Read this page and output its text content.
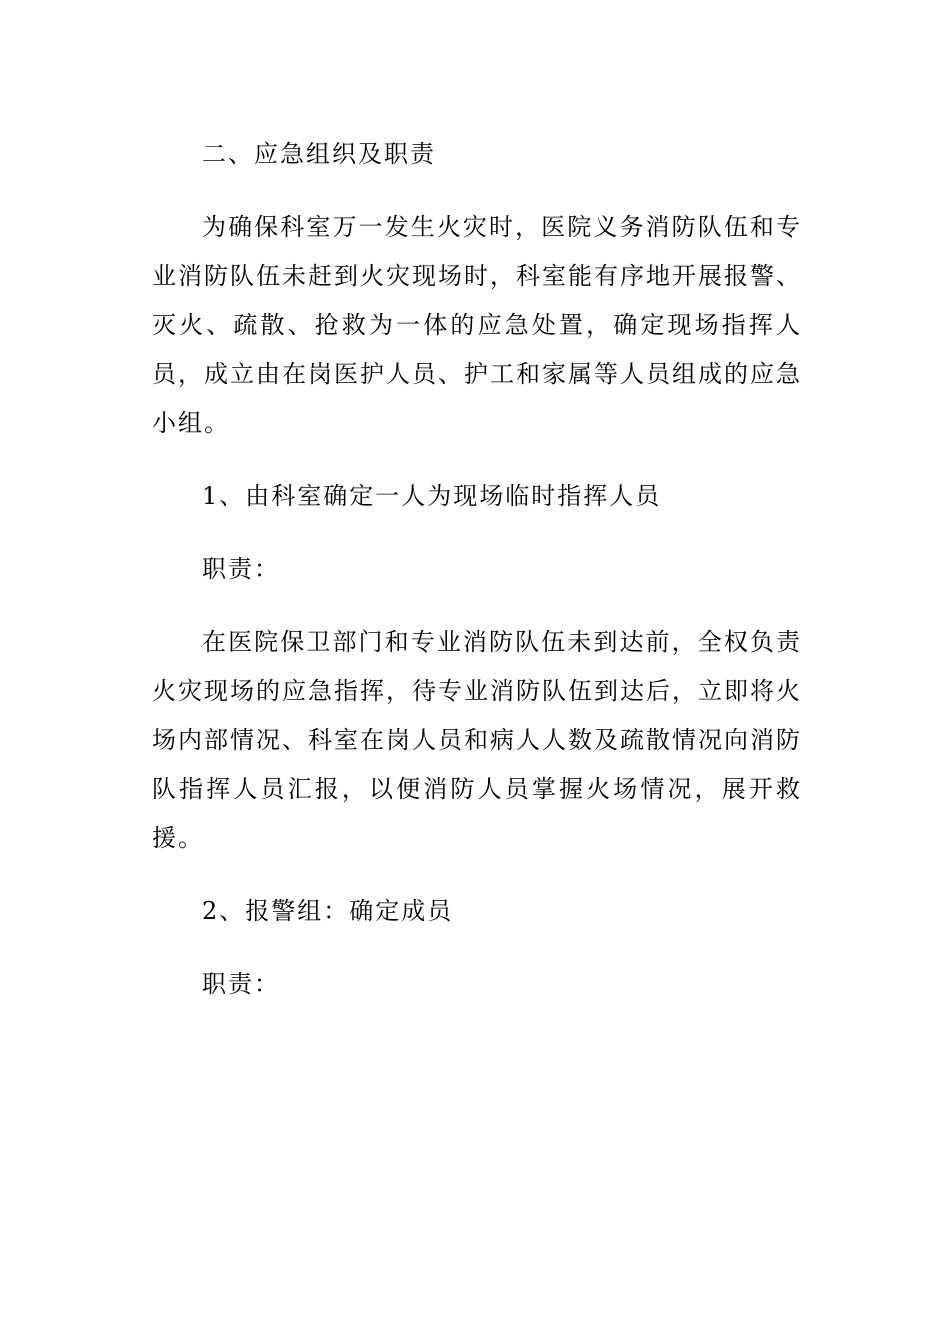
二、应急组织及职责

为确保科室万一发生火灾时，医院义务消防队伍和专业消防队伍未赶到火灾现场时，科室能有序地开展报警、灭火、疏散、抢救为一体的应急处置，确定现场指挥人员，成立由在岗医护人员、护工和家属等人员组成的应急小组。

1、由科室确定一人为现场临时指挥人员

职责：

在医院保卫部门和专业消防队伍未到达前，全权负责火灾现场的应急指挥，待专业消防队伍到达后，立即将火场内部情况、科室在岗人员和病人人数及疏散情况向消防队指挥人员汇报，以便消防人员掌握火场情况，展开救援。

2、报警组：确定成员

职责：
